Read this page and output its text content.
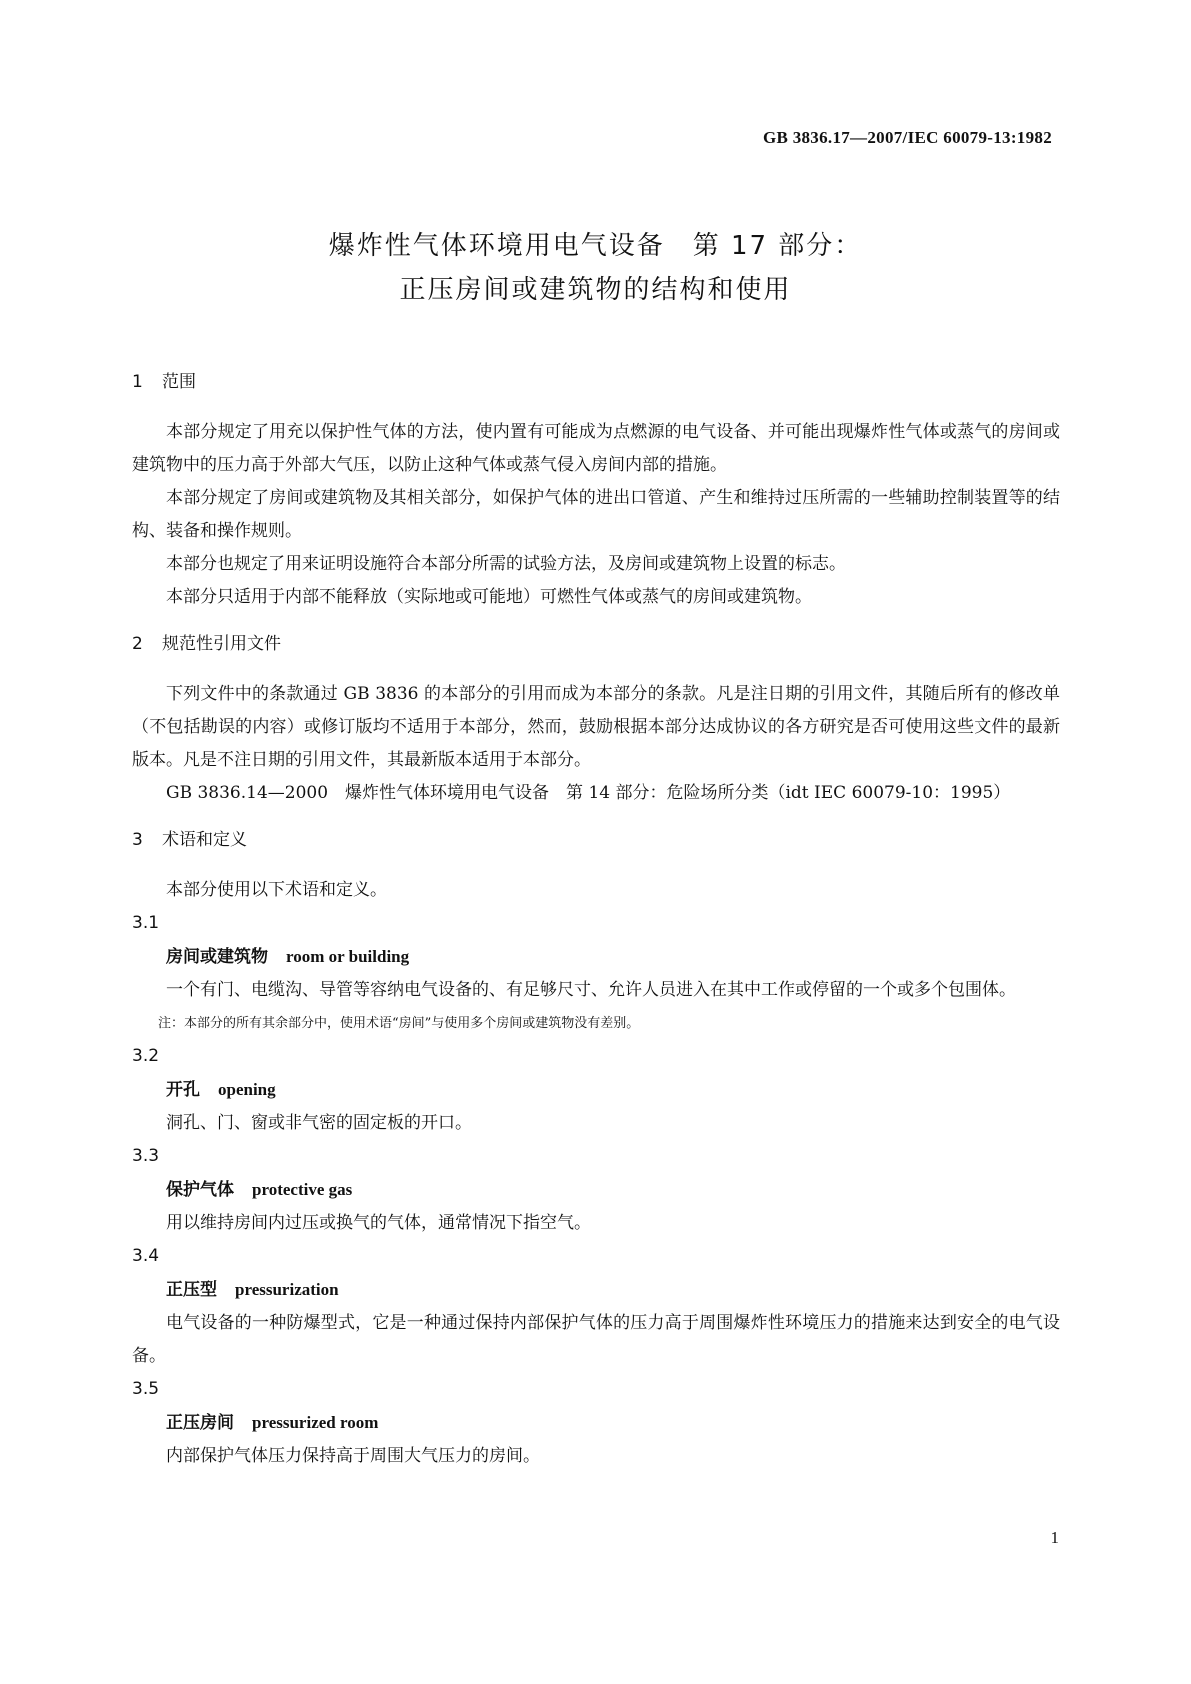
GB 3836.17—2007/IEC 60079-13:1982
爆炸性气体环境用电气设备　第 17 部分：
正压房间或建筑物的结构和使用
1 范围

本部分规定了用充以保护性气体的方法，使内置有可能成为点燃源的电气设备、并可能出现爆炸性气体或蒸气的房间或建筑物中的压力高于外部大气压，以防止这种气体或蒸气侵入房间内部的措施。

本部分规定了房间或建筑物及其相关部分，如保护气体的进出口管道、产生和维持过压所需的一些辅助控制装置等的结构、装备和操作规则。

本部分也规定了用来证明设施符合本部分所需的试验方法，及房间或建筑物上设置的标志。

本部分只适用于内部不能释放（实际地或可能地）可燃性气体或蒸气的房间或建筑物。

2 规范性引用文件

下列文件中的条款通过 GB 3836 的本部分的引用而成为本部分的条款。凡是注日期的引用文件，其随后所有的修改单（不包括勘误的内容）或修订版均不适用于本部分，然而，鼓励根据本部分达成协议的各方研究是否可使用这些文件的最新版本。凡是不注日期的引用文件，其最新版本适用于本部分。

GB 3836.14—2000　爆炸性气体环境用电气设备　第 14 部分：危险场所分类（idt IEC 60079-10：1995）

3 术语和定义

本部分使用以下术语和定义。

3.1

房间或建筑物 room or building

一个有门、电缆沟、导管等容纳电气设备的、有足够尺寸、允许人员进入在其中工作或停留的一个或多个包围体。

注：本部分的所有其余部分中，使用术语“房间”与使用多个房间或建筑物没有差别。

3.2

开孔 opening

洞孔、门、窗或非气密的固定板的开口。

3.3

保护气体 protective gas

用以维持房间内过压或换气的气体，通常情况下指空气。

3.4

正压型 pressurization

电气设备的一种防爆型式，它是一种通过保持内部保护气体的压力高于周围爆炸性环境压力的措施来达到安全的电气设备。

3.5

正压房间 pressurized room

内部保护气体压力保持高于周围大气压力的房间。

1
